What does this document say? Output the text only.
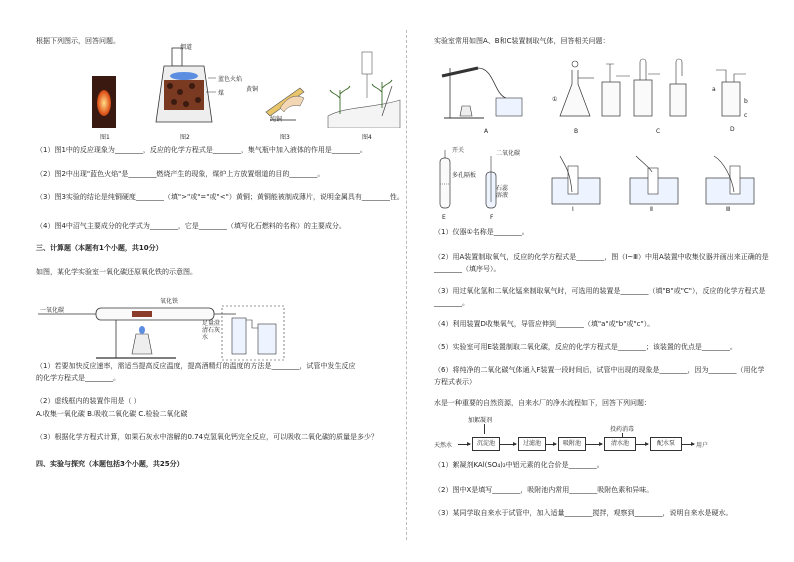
根据下列图示，回答问题。
烟道
蓝色火焰
煤
黄铜
纯铜
图1	图2	图3	图4
（1）图1中的反应现象为________，反应的化学方程式是________，集气瓶中加入液体的作用是________。
（2）图2中出现"蓝色火焰"是________燃烧产生的现象，煤炉上方放置烟道的目的________。
（3）图3实验的结论是纯铜硬度________（填">"或"="或"<"）黄铜；黄铜能被制成薄片，说明金属具有________性。
（4）图4中沼气主要成分的化学式为________，它是________（填写化石燃料的名称）的主要成分。
三、计算题（本题有1个小题，共10分）
如图，某化学实验室一氧化碳还原氧化铁的示意图。
一氧化碳
氧化铁
足量澄清石灰水
（1）若要加快反应速率，需适当提高反应温度，提高酒精灯的温度的方法是________，试管中发生反应
的化学方程式是________。
（2）虚线框内的装置作用是（ ）
A.收集一氧化碳 B.吸收二氧化碳 C.检验二氧化碳
（3）根据化学方程式计算，如果石灰水中溶解的0.74克氢氧化钙完全反应，可以吸收二氧化碳的质量是多少？
四、实验与探究（本题包括3个小题，共25分）
实验室常用如图A、B和C装置制取气体，回答相关问题：
A	B	C	D
①
a
b
c
开关
多孔隔板
二氧化碳
石蕊溶液
E	F
Ⅰ	Ⅱ	Ⅲ
（1）仪器①名称是________。
（2）用A装置制取氧气，反应的化学方程式是________，图（Ⅰ~Ⅲ）中用A装置中收集仪器并画出来正确的是
________（填序号）。
（3）用过氧化氢和二氧化锰来制取氧气时，可选用的装置是________（填"B"或"C"），反应的化学方程式是
________。
（4）利用装置D收集氧气，导管应伸到________（填"a"或"b"或"c"）。
（5）实验室可用E装置制取二氧化碳，反应的化学方程式是________；该装置的优点是________。
（6）将纯净的二氧化碳气体通入F装置一段时间后，试管中出现的现象是________，因为________（用化学
方程式表示）
水是一种重要的自然资源，自来水厂的净水流程如下，回答下列问题：
加絮凝剂
投药消毒
天然水	沉淀池	过滤池	吸附池	清水池	配水泵	用户
（1）絮凝剂KAl(SO₄)₂中铝元素的化合价是________。
（2）图中X是填写________，吸附池内常用________吸附色素和异味。
（3）某同学取自来水于试管中，加入适量________搅拌，观察到________，说明自来水是硬水。
